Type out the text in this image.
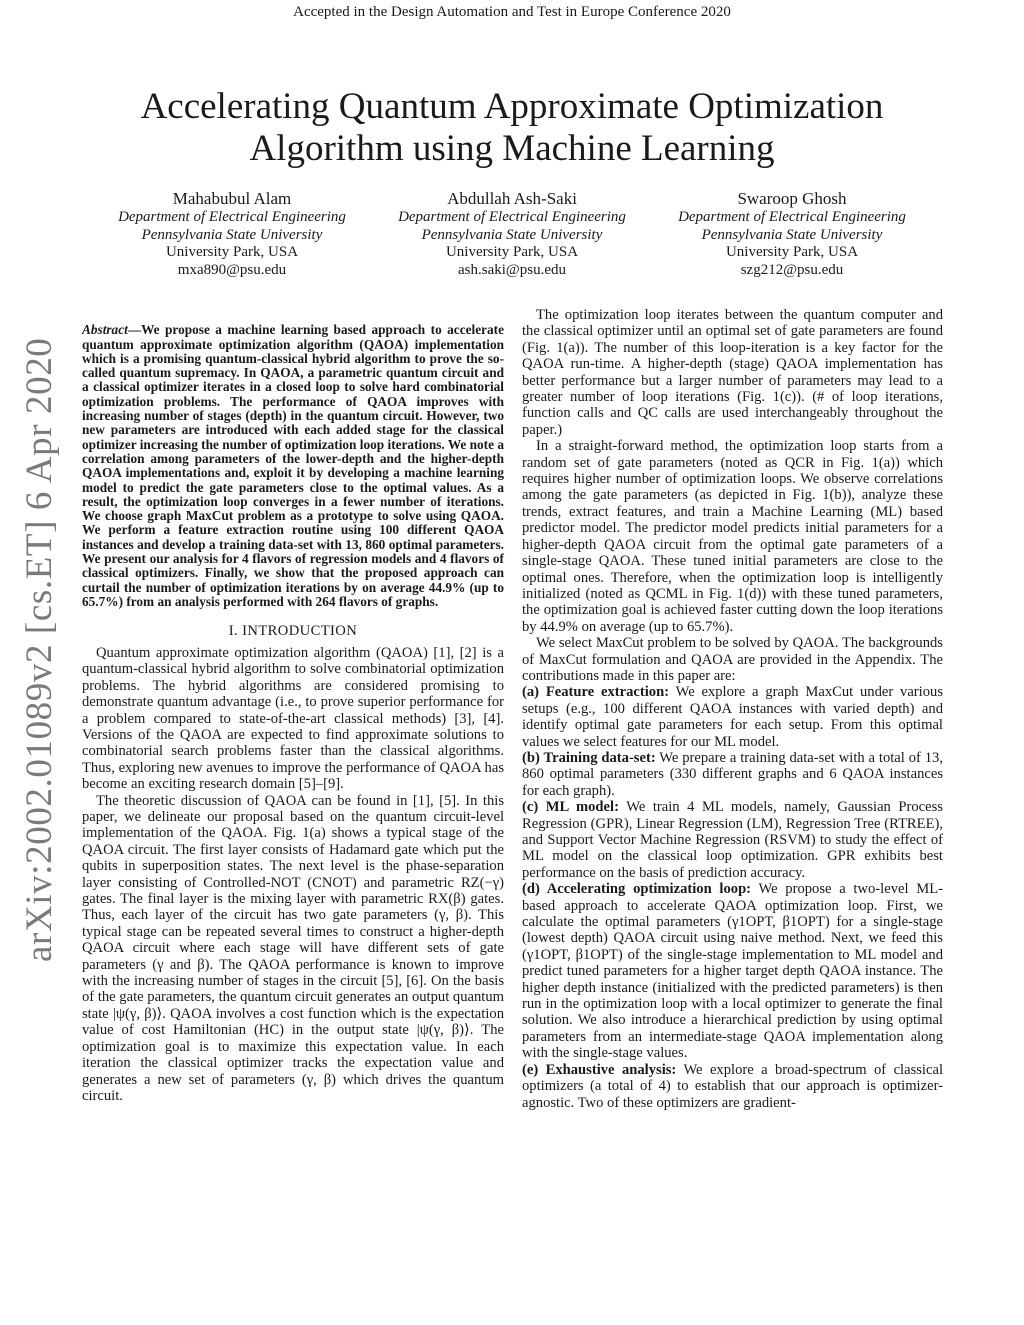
Accepted in the Design Automation and Test in Europe Conference 2020
Accelerating Quantum Approximate Optimization
Algorithm using Machine Learning
Mahabubul Alam
Department of Electrical Engineering
Pennsylvania State University
University Park, USA
mxa890@psu.edu
Abdullah Ash-Saki
Department of Electrical Engineering
Pennsylvania State University
University Park, USA
ash.saki@psu.edu
Swaroop Ghosh
Department of Electrical Engineering
Pennsylvania State University
University Park, USA
szg212@psu.edu
arXiv:2002.01089v2 [cs.ET] 6 Apr 2020

Abstract—We propose a machine learning based approach to accelerate quantum approximate optimization algorithm (QAOA) implementation which is a promising quantum-classical hybrid algorithm to prove the so-called quantum supremacy. In QAOA, a parametric quantum circuit and a classical optimizer iterates in a closed loop to solve hard combinatorial optimization problems. The performance of QAOA improves with increasing number of stages (depth) in the quantum circuit. However, two new parameters are introduced with each added stage for the classical optimizer increasing the number of optimization loop iterations. We note a correlation among parameters of the lower-depth and the higher-depth QAOA implementations and, exploit it by developing a machine learning model to predict the gate parameters close to the optimal values. As a result, the optimization loop converges in a fewer number of iterations. We choose graph MaxCut problem as a prototype to solve using QAOA. We perform a feature extraction routine using 100 different QAOA instances and develop a training data-set with 13, 860 optimal parameters. We present our analysis for 4 flavors of regression models and 4 flavors of classical optimizers. Finally, we show that the proposed approach can curtail the number of optimization iterations by on average 44.9% (up to 65.7%) from an analysis performed with 264 flavors of graphs.

I. INTRODUCTION

Quantum approximate optimization algorithm (QAOA) [1], [2] is a quantum-classical hybrid algorithm to solve combinatorial optimization problems. The hybrid algorithms are considered promising to demonstrate quantum advantage (i.e., to prove superior performance for a problem compared to state-of-the-art classical methods) [3], [4]. Versions of the QAOA are expected to find approximate solutions to combinatorial search problems faster than the classical algorithms. Thus, exploring new avenues to improve the performance of QAOA has become an exciting research domain [5]–[9].

The theoretic discussion of QAOA can be found in [1], [5]. In this paper, we delineate our proposal based on the quantum circuit-level implementation of the QAOA. Fig. 1(a) shows a typical stage of the QAOA circuit. The first layer consists of Hadamard gate which put the qubits in superposition states. The next level is the phase-separation layer consisting of Controlled-NOT (CNOT) and parametric RZ(−γ) gates. The final layer is the mixing layer with parametric RX(β) gates. Thus, each layer of the circuit has two gate parameters (γ, β). This typical stage can be repeated several times to construct a higher-depth QAOA circuit where each stage will have different sets of gate parameters (γ and β). The QAOA performance is known to improve with the increasing number of stages in the circuit [5], [6]. On the basis of the gate parameters, the quantum circuit generates an output quantum state |ψ(γ, β)⟩. QAOA involves a cost function which is the expectation value of cost Hamiltonian (HC) in the output state |ψ(γ, β)⟩. The optimization goal is to maximize this expectation value. In each iteration the classical optimizer tracks the expectation value and generates a new set of parameters (γ, β) which drives the quantum circuit.

The optimization loop iterates between the quantum computer and the classical optimizer until an optimal set of gate parameters are found (Fig. 1(a)). The number of this loop-iteration is a key factor for the QAOA run-time. A higher-depth (stage) QAOA implementation has better performance but a larger number of parameters may lead to a greater number of loop iterations (Fig. 1(c)). (# of loop iterations, function calls and QC calls are used interchangeably throughout the paper.)

In a straight-forward method, the optimization loop starts from a random set of gate parameters (noted as QCR in Fig. 1(a)) which requires higher number of optimization loops. We observe correlations among the gate parameters (as depicted in Fig. 1(b)), analyze these trends, extract features, and train a Machine Learning (ML) based predictor model. The predictor model predicts initial parameters for a higher-depth QAOA circuit from the optimal gate parameters of a single-stage QAOA. These tuned initial parameters are close to the optimal ones. Therefore, when the optimization loop is intelligently initialized (noted as QCML in Fig. 1(d)) with these tuned parameters, the optimization goal is achieved faster cutting down the loop iterations by 44.9% on average (up to 65.7%).

We select MaxCut problem to be solved by QAOA. The backgrounds of MaxCut formulation and QAOA are provided in the Appendix. The contributions made in this paper are:

(a) Feature extraction: We explore a graph MaxCut under various setups (e.g., 100 different QAOA instances with varied depth) and identify optimal gate parameters for each setup. From this optimal values we select features for our ML model.

(b) Training data-set: We prepare a training data-set with a total of 13, 860 optimal parameters (330 different graphs and 6 QAOA instances for each graph).

(c) ML model: We train 4 ML models, namely, Gaussian Process Regression (GPR), Linear Regression (LM), Regression Tree (RTREE), and Support Vector Machine Regression (RSVM) to study the effect of ML model on the classical loop optimization. GPR exhibits best performance on the basis of prediction accuracy.

(d) Accelerating optimization loop: We propose a two-level ML-based approach to accelerate QAOA optimization loop. First, we calculate the optimal parameters (γ1OPT, β1OPT) for a single-stage (lowest depth) QAOA circuit using naive method. Next, we feed this (γ1OPT, β1OPT) of the single-stage implementation to ML model and predict tuned parameters for a higher target depth QAOA instance. The higher depth instance (initialized with the predicted parameters) is then run in the optimization loop with a local optimizer to generate the final solution. We also introduce a hierarchical prediction by using optimal parameters from an intermediate-stage QAOA implementation along with the single-stage values.

(e) Exhaustive analysis: We explore a broad-spectrum of classical optimizers (a total of 4) to establish that our approach is optimizer-agnostic. Two of these optimizers are gradient-
